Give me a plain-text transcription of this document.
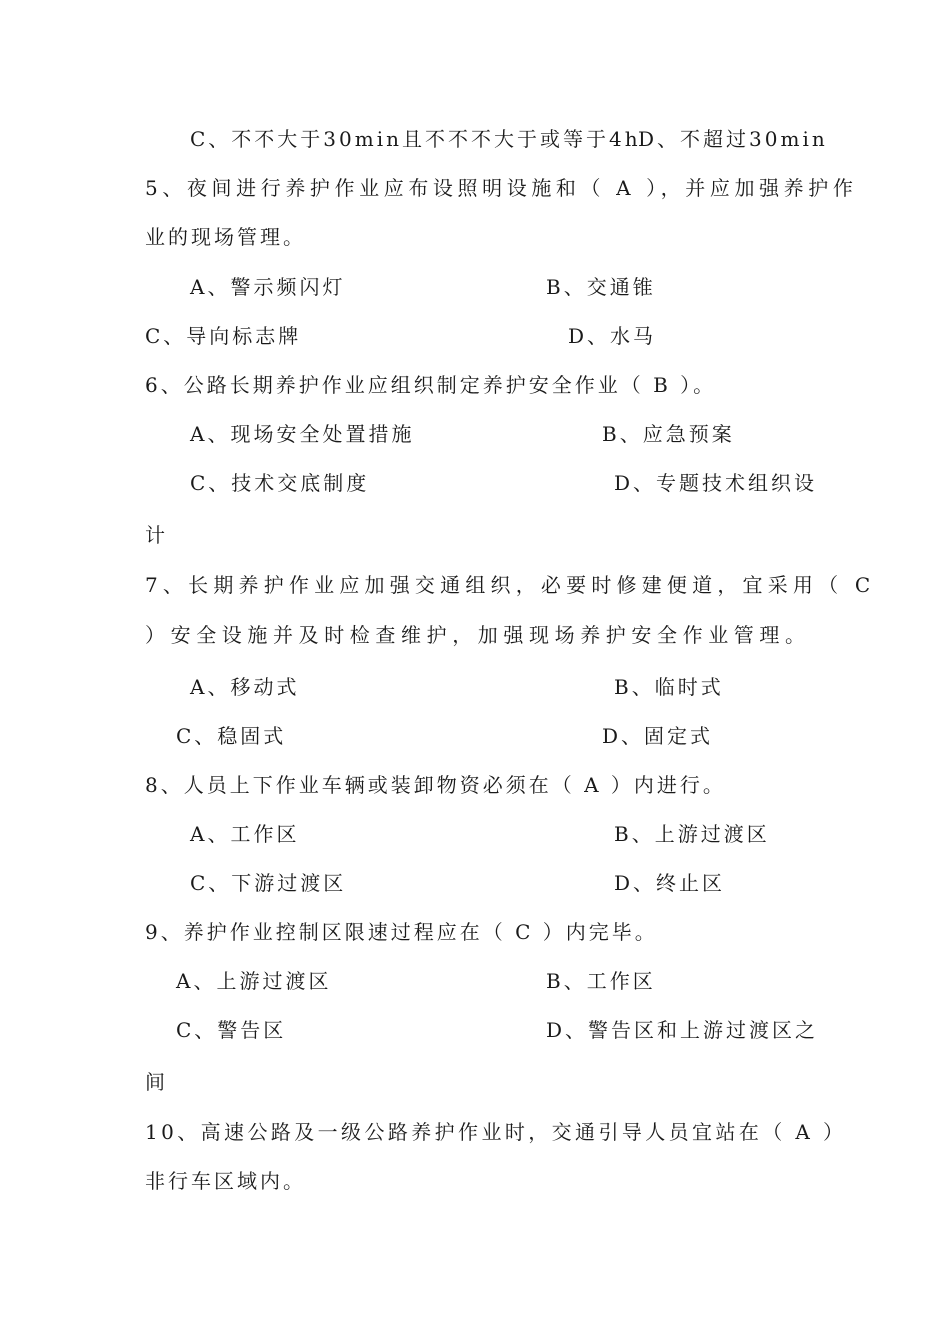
C、不不大于30min且不不不大于或等于4h
D、不超过30min
5、夜间进行养护作业应布设照明设施和（ A ），并应加强养护作
业的现场管理。
A、警示频闪灯	B、交通锥
C、导向标志牌	D、水马
6、公路长期养护作业应组织制定养护安全作业（ B ）。
A、现场安全处置措施	B、应急预案
C、技术交底制度	D、专题技术组织设
计
7、长期养护作业应加强交通组织，必要时修建便道，宜采用（ C
）安全设施并及时检查维护，加强现场养护安全作业管理。
A、移动式	B、临时式
C、稳固式	D、固定式
8、人员上下作业车辆或装卸物资必须在（ A ）内进行。
A、工作区	B、上游过渡区
C、下游过渡区	D、终止区
9、养护作业控制区限速过程应在（ C ）内完毕。
A、上游过渡区	B、工作区
C、警告区	D、警告区和上游过渡区之
间
10、高速公路及一级公路养护作业时，交通引导人员宜站在（ A ）
非行车区域内。
